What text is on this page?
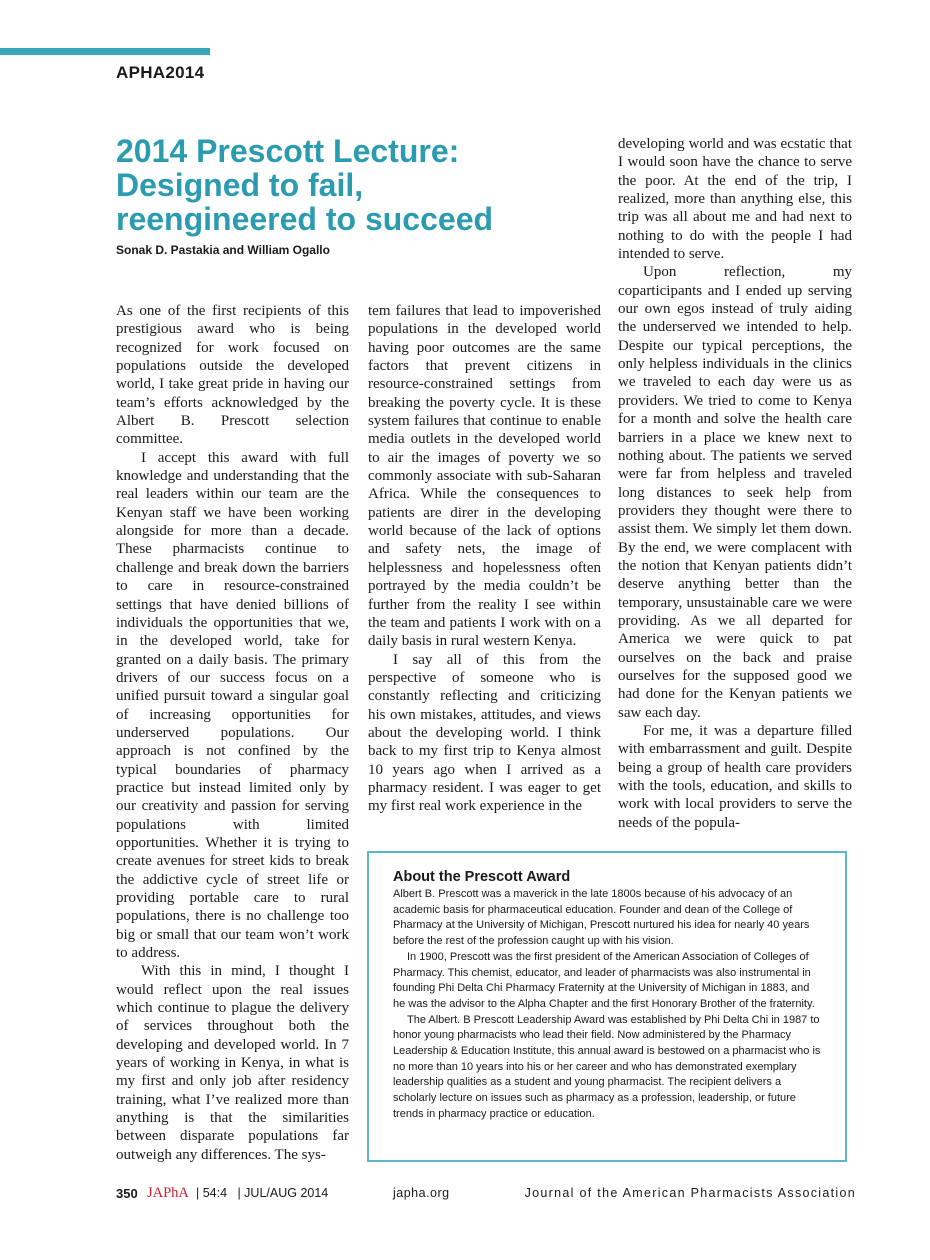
APHA2014
2014 Prescott Lecture:
Designed to fail,
reengineered to succeed

Sonak D. Pastakia and William Ogallo

As one of the first recipients of this prestigious award who is being recognized for work focused on populations outside the developed world, I take great pride in having our team’s efforts acknowledged by the Albert B. Prescott selection committee.

I accept this award with full knowledge and understanding that the real leaders within our team are the Kenyan staff we have been working alongside for more than a decade. These pharmacists continue to challenge and break down the barriers to care in resource-constrained settings that have denied billions of individuals the opportunities that we, in the developed world, take for granted on a daily basis. The primary drivers of our success focus on a unified pursuit toward a singular goal of increasing opportunities for underserved populations. Our approach is not confined by the typical boundaries of pharmacy practice but instead limited only by our creativity and passion for serving populations with limited opportunities. Whether it is trying to create avenues for street kids to break the addictive cycle of street life or providing portable care to rural populations, there is no challenge too big or small that our team won’t work to address.

With this in mind, I thought I would reflect upon the real issues which continue to plague the delivery of services throughout both the developing and developed world. In 7 years of working in Kenya, in what is my first and only job after residency training, what I’ve realized more than anything is that the similarities between disparate populations far outweigh any differences. The sys-

tem failures that lead to impoverished populations in the developed world having poor outcomes are the same factors that prevent citizens in resource-constrained settings from breaking the poverty cycle. It is these system failures that continue to enable media outlets in the developed world to air the images of poverty we so commonly associate with sub-Saharan Africa. While the consequences to patients are direr in the developing world because of the lack of options and safety nets, the image of helplessness and hopelessness often portrayed by the media couldn’t be further from the reality I see within the team and patients I work with on a daily basis in rural western Kenya.

I say all of this from the perspective of someone who is constantly reflecting and criticizing his own mistakes, attitudes, and views about the developing world. I think back to my first trip to Kenya almost 10 years ago when I arrived as a pharmacy resident. I was eager to get my first real work experience in the

developing world and was ecstatic that I would soon have the chance to serve the poor. At the end of the trip, I realized, more than anything else, this trip was all about me and had next to nothing to do with the people I had intended to serve.

Upon reflection, my coparticipants and I ended up serving our own egos instead of truly aiding the underserved we intended to help. Despite our typical perceptions, the only helpless individuals in the clinics we traveled to each day were us as providers. We tried to come to Kenya for a month and solve the health care barriers in a place we knew next to nothing about. The patients we served were far from helpless and traveled long distances to seek help from providers they thought were there to assist them. We simply let them down. By the end, we were complacent with the notion that Kenyan patients didn’t deserve anything better than the temporary, unsustainable care we were providing. As we all departed for America we were quick to pat ourselves on the back and praise ourselves for the supposed good we had done for the Kenyan patients we saw each day.

For me, it was a departure filled with embarrassment and guilt. Despite being a group of health care providers with the tools, education, and skills to work with local providers to serve the needs of the popula-

About the Prescott Award

Albert B. Prescott was a maverick in the late 1800s because of his advocacy of an academic basis for pharmaceutical education. Founder and dean of the College of Pharmacy at the University of Michigan, Prescott nurtured his idea for nearly 40 years before the rest of the profession caught up with his vision.

In 1900, Prescott was the first president of the American Association of Colleges of Pharmacy. This chemist, educator, and leader of pharmacists was also instrumental in founding Phi Delta Chi Pharmacy Fraternity at the University of Michigan in 1883, and he was the advisor to the Alpha Chapter and the first Honorary Brother of the fraternity.

The Albert. B Prescott Leadership Award was established by Phi Delta Chi in 1987 to honor young pharmacists who lead their field. Now administered by the Pharmacy Leadership & Education Institute, this annual award is bestowed on a pharmacist who is no more than 10 years into his or her career and who has demonstrated exemplary leadership qualities as a student and young pharmacist. The recipient delivers a scholarly lecture on issues such as pharmacy as a profession, leadership, or future trends in pharmacy practice or education.

350 JAPhA | 54:4   | JUL/AUG 2014	japha.org	Journal of the American Pharmacists Association
